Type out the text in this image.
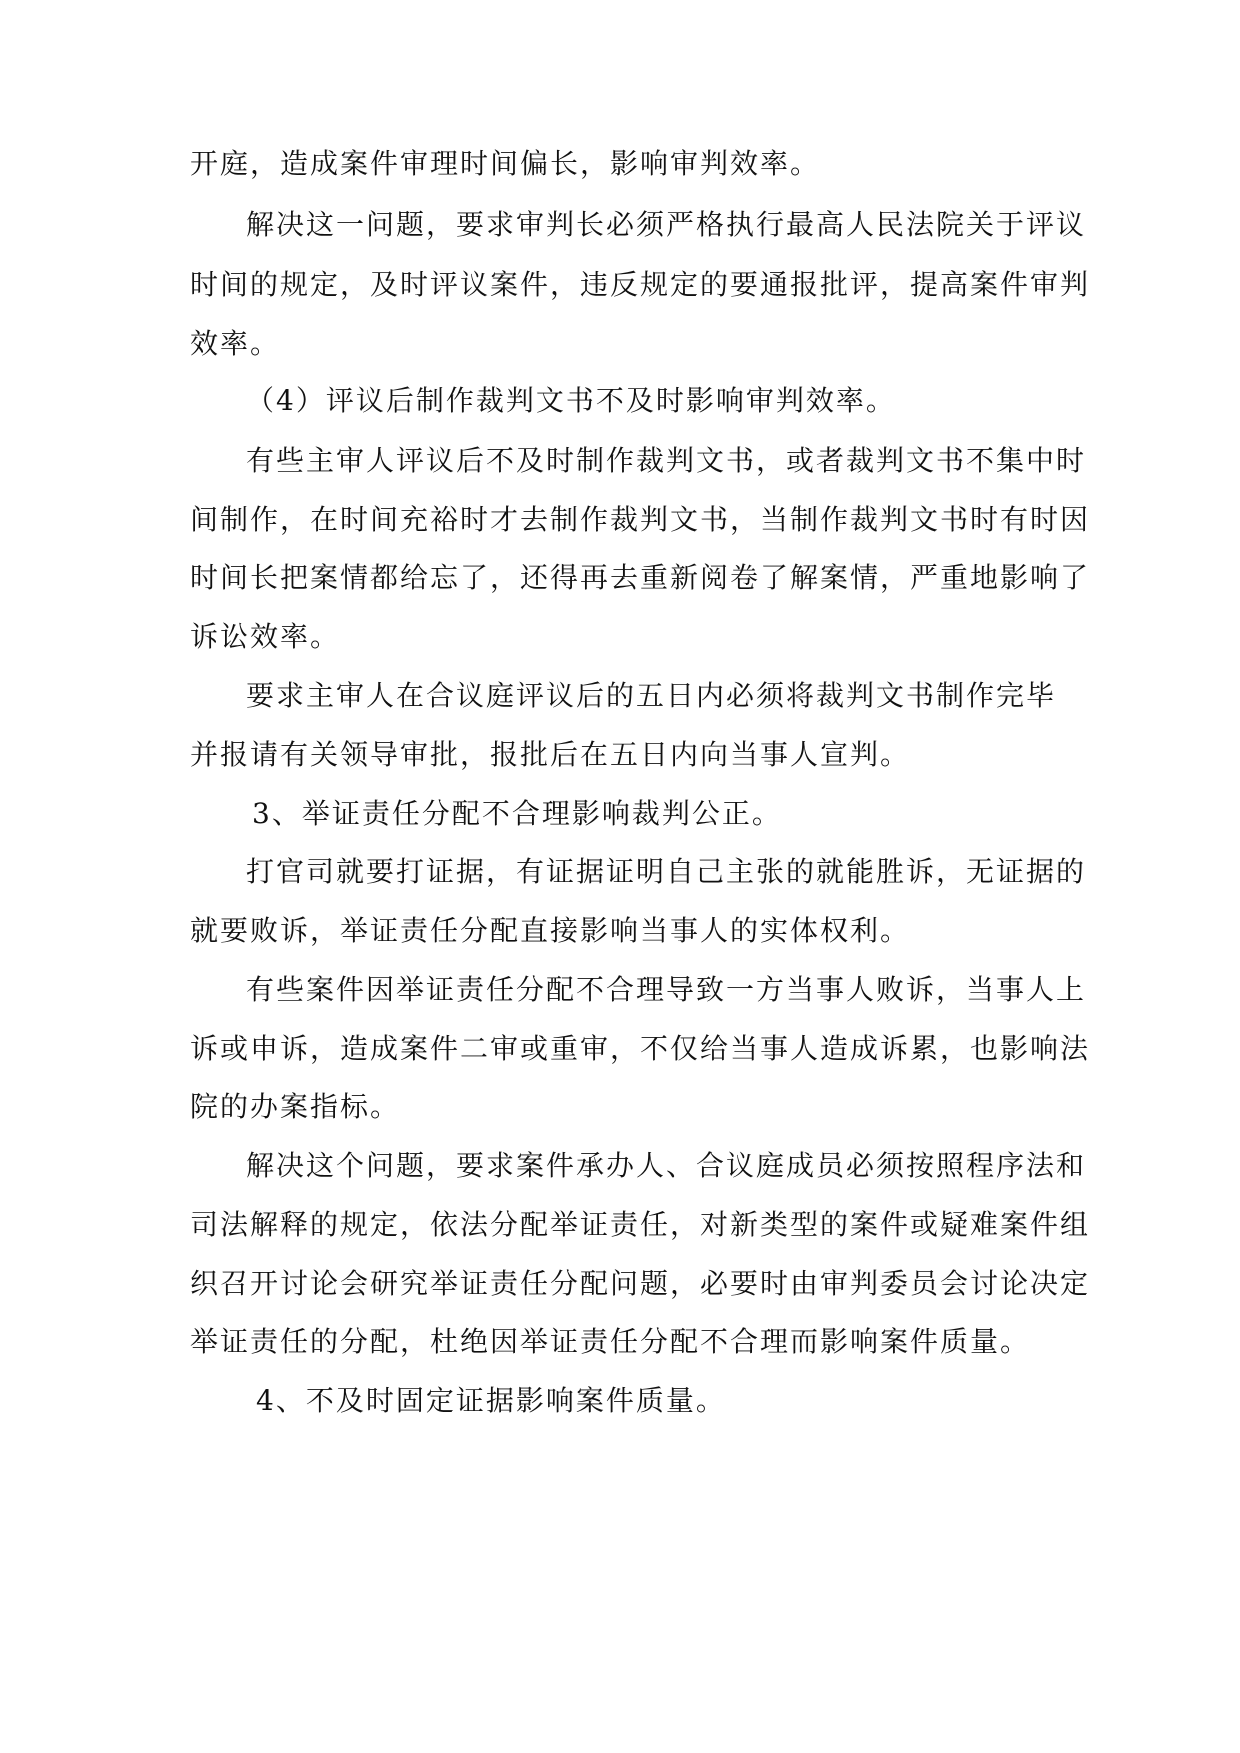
开庭，造成案件审理时间偏长，影响审判效率。
解决这一问题，要求审判长必须严格执行最高人民法院关于评议
时间的规定，及时评议案件，违反规定的要通报批评，提高案件审判
效率。
（4）评议后制作裁判文书不及时影响审判效率。
有些主审人评议后不及时制作裁判文书，或者裁判文书不集中时
间制作，在时间充裕时才去制作裁判文书，当制作裁判文书时有时因
时间长把案情都给忘了，还得再去重新阅卷了解案情，严重地影响了
诉讼效率。
要求主审人在合议庭评议后的五日内必须将裁判文书制作完毕
并报请有关领导审批，报批后在五日内向当事人宣判。
3、举证责任分配不合理影响裁判公正。
打官司就要打证据，有证据证明自己主张的就能胜诉，无证据的
就要败诉，举证责任分配直接影响当事人的实体权利。
有些案件因举证责任分配不合理导致一方当事人败诉，当事人上
诉或申诉，造成案件二审或重审，不仅给当事人造成诉累，也影响法
院的办案指标。
解决这个问题，要求案件承办人、合议庭成员必须按照程序法和
司法解释的规定，依法分配举证责任，对新类型的案件或疑难案件组
织召开讨论会研究举证责任分配问题，必要时由审判委员会讨论决定
举证责任的分配，杜绝因举证责任分配不合理而影响案件质量。
4、不及时固定证据影响案件质量。
